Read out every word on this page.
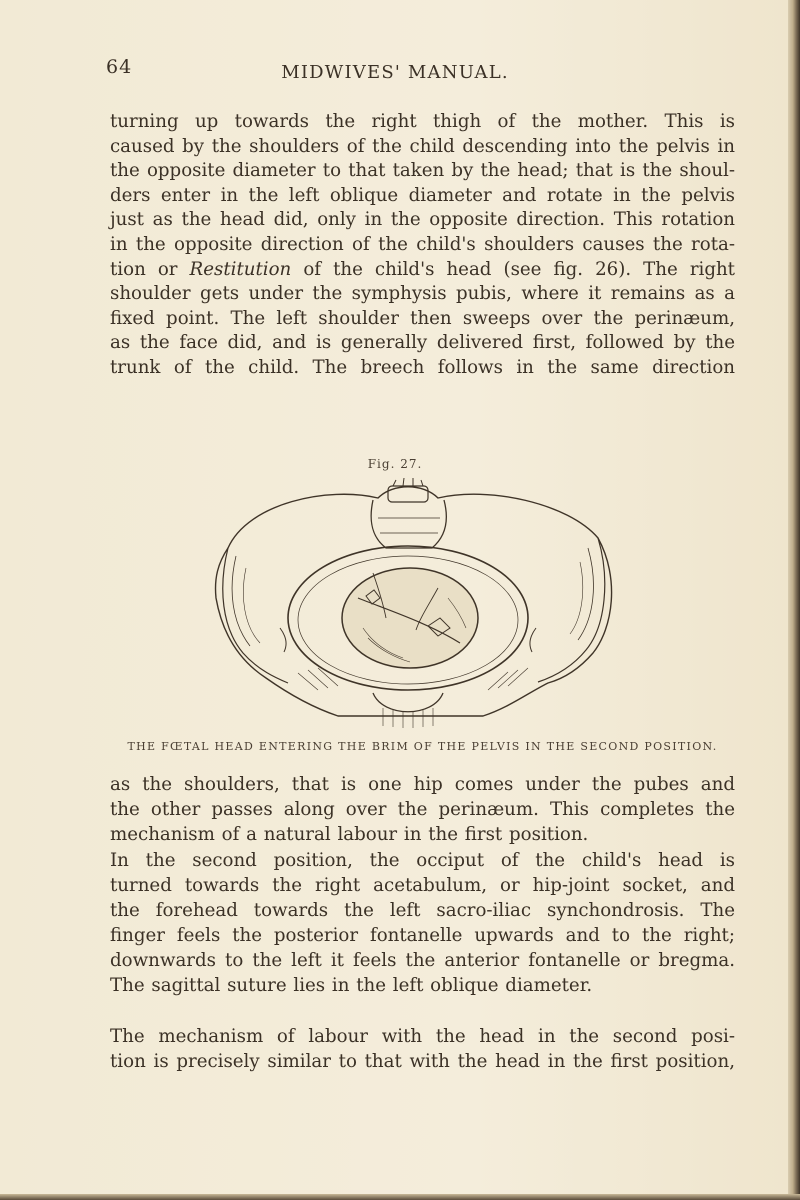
64	MIDWIVES' MANUAL.

turning up towards the right thigh of the mother. This is
caused by the shoulders of the child descending into the pelvis in
the opposite diameter to that taken by the head; that is the shoul-
ders enter in the left oblique diameter and rotate in the pelvis
just as the head did, only in the opposite direction. This rotation
in the opposite direction of the child's shoulders causes the rota-
tion or Restitution of the child's head (see fig. 26). The right
shoulder gets under the symphysis pubis, where it remains as a
fixed point. The left shoulder then sweeps over the perinæum,
as the face did, and is generally delivered first, followed by the
trunk of the child. The breech follows in the same direction

Fig. 27.
THE FŒTAL HEAD ENTERING THE BRIM OF THE PELVIS IN THE SECOND POSITION.

as the shoulders, that is one hip comes under the pubes and
the other passes along over the perinæum. This completes the
mechanism of a natural labour in the first position.

In the second position, the occiput of the child's head is
turned towards the right acetabulum, or hip-joint socket, and
the forehead towards the left sacro-iliac synchondrosis. The
finger feels the posterior fontanelle upwards and to the right;
downwards to the left it feels the anterior fontanelle or bregma.
The sagittal suture lies in the left oblique diameter.

The mechanism of labour with the head in the second posi-
tion is precisely similar to that with the head in the first position,
